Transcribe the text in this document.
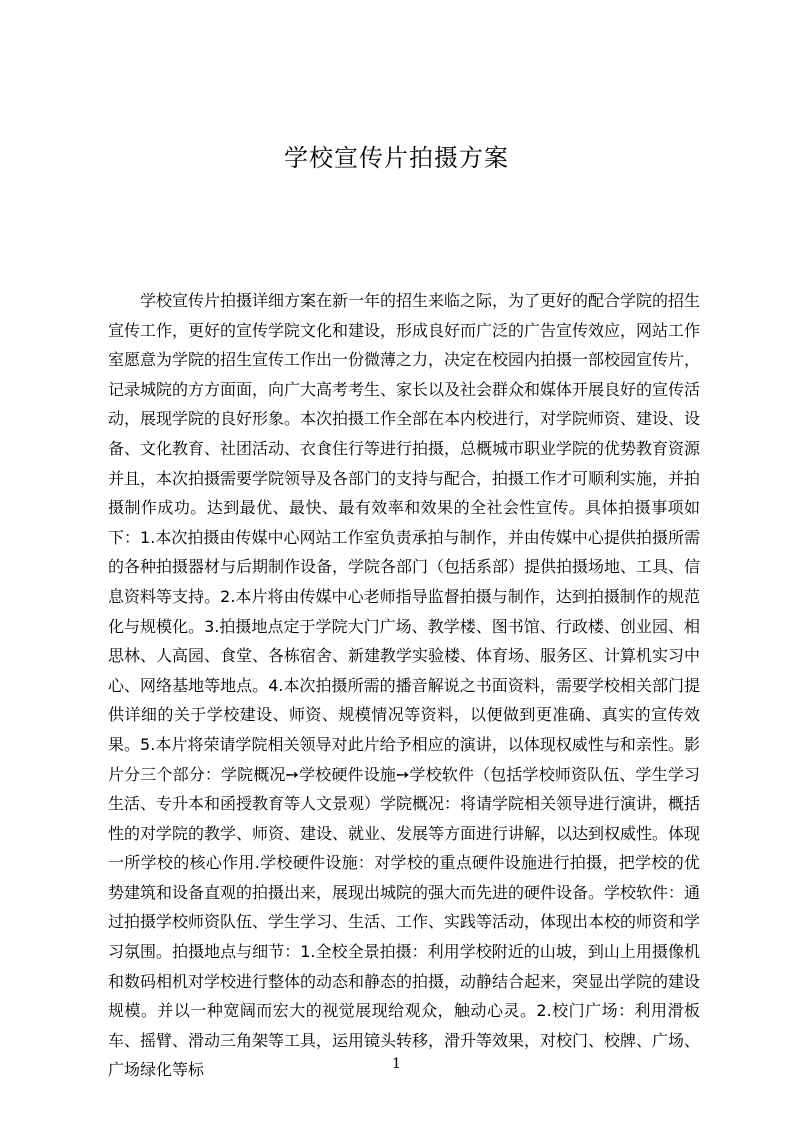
学校宣传片拍摄方案

学校宣传片拍摄详细方案在新一年的招生来临之际，为了更好的配合学院的招生宣传工作，更好的宣传学院文化和建设，形成良好而广泛的广告宣传效应，网站工作室愿意为学院的招生宣传工作出一份微薄之力，决定在校园内拍摄一部校园宣传片，记录城院的方方面面，向广大高考考生、家长以及社会群众和媒体开展良好的宣传活动，展现学院的良好形象。本次拍摄工作全部在本内校进行，对学院师资、建设、设备、文化教育、社团活动、衣食住行等进行拍摄，总概城市职业学院的优势教育资源并且，本次拍摄需要学院领导及各部门的支持与配合，拍摄工作才可顺利实施，并拍摄制作成功。达到最优、最快、最有效率和效果的全社会性宣传。具体拍摄事项如下：1.本次拍摄由传媒中心网站工作室负责承拍与制作，并由传媒中心提供拍摄所需的各种拍摄器材与后期制作设备，学院各部门（包括系部）提供拍摄场地、工具、信息资料等支持。2.本片将由传媒中心老师指导监督拍摄与制作，达到拍摄制作的规范化与规模化。3.拍摄地点定于学院大门广场、教学楼、图书馆、行政楼、创业园、相思林、人高园、食堂、各栋宿舍、新建教学实验楼、体育场、服务区、计算机实习中心、网络基地等地点。4.本次拍摄所需的播音解说之书面资料，需要学校相关部门提供详细的关于学校建设、师资、规模情况等资料，以便做到更准确、真实的宣传效果。5.本片将荣请学院相关领导对此片给予相应的演讲，以体现权威性与和亲性。影片分三个部分：学院概况➙学校硬件设施➙学校软件（包括学校师资队伍、学生学习生活、专升本和函授教育等人文景观）学院概况：将请学院相关领导进行演讲，概括性的对学院的教学、师资、建设、就业、发展等方面进行讲解，以达到权威性。体现一所学校的核心作用.学校硬件设施：对学校的重点硬件设施进行拍摄，把学校的优势建筑和设备直观的拍摄出来，展现出城院的强大而先进的硬件设备。学校软件：通过拍摄学校师资队伍、学生学习、生活、工作、实践等活动，体现出本校的师资和学习氛围。拍摄地点与细节：1.全校全景拍摄：利用学校附近的山坡，到山上用摄像机和数码相机对学校进行整体的动态和静态的拍摄，动静结合起来，突显出学院的建设规模。并以一种宽阔而宏大的视觉展现给观众，触动心灵。2.校门广场：利用滑板车、摇臂、滑动三角架等工具，运用镜头转移，滑升等效果，对校门、校牌、广场、广场绿化等标	1
